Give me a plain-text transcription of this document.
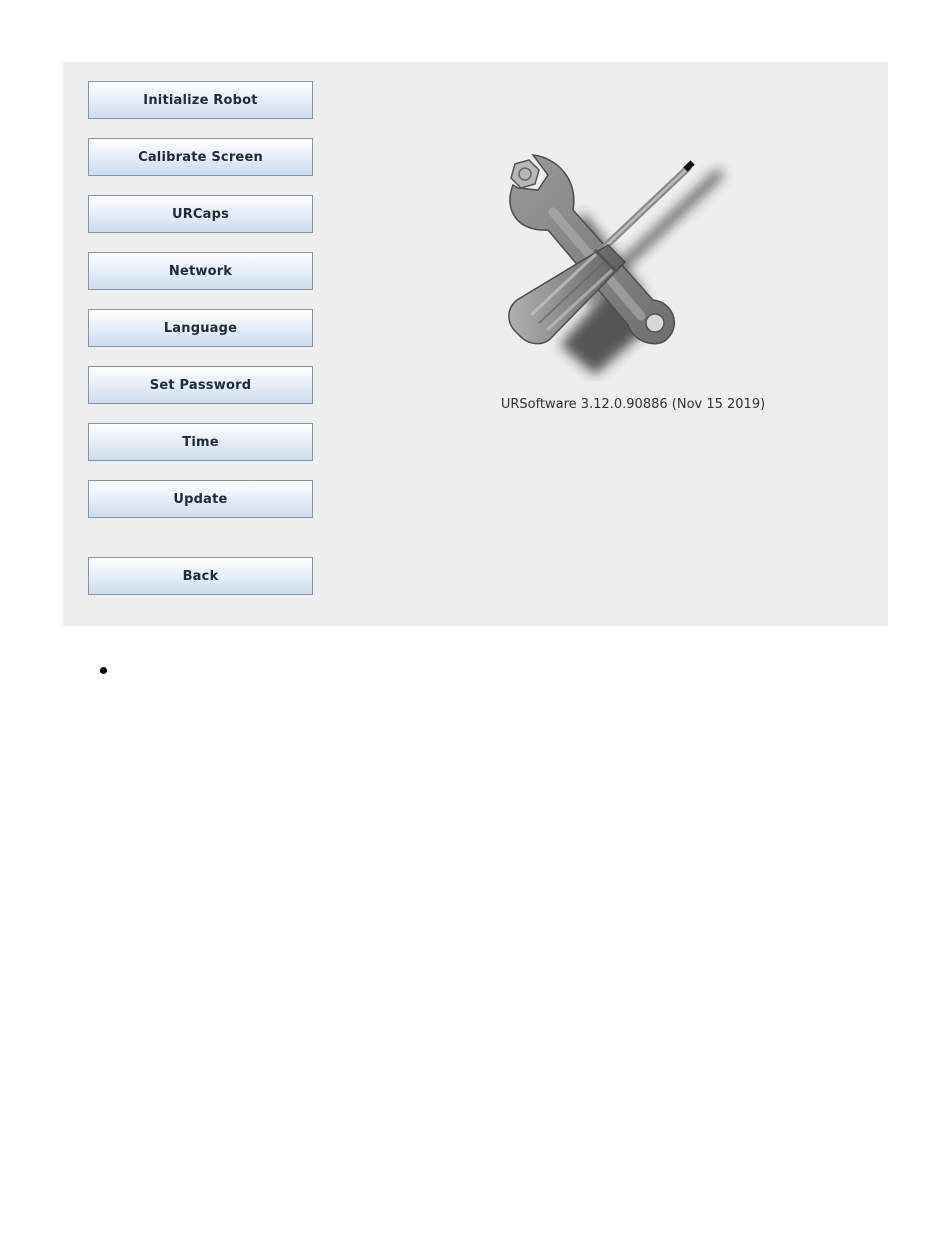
Initialize Robot
Calibrate Screen
URCaps
Network
Language
Set Password
Time
Update
Back
URSoftware 3.12.0.90886 (Nov 15 2019)
